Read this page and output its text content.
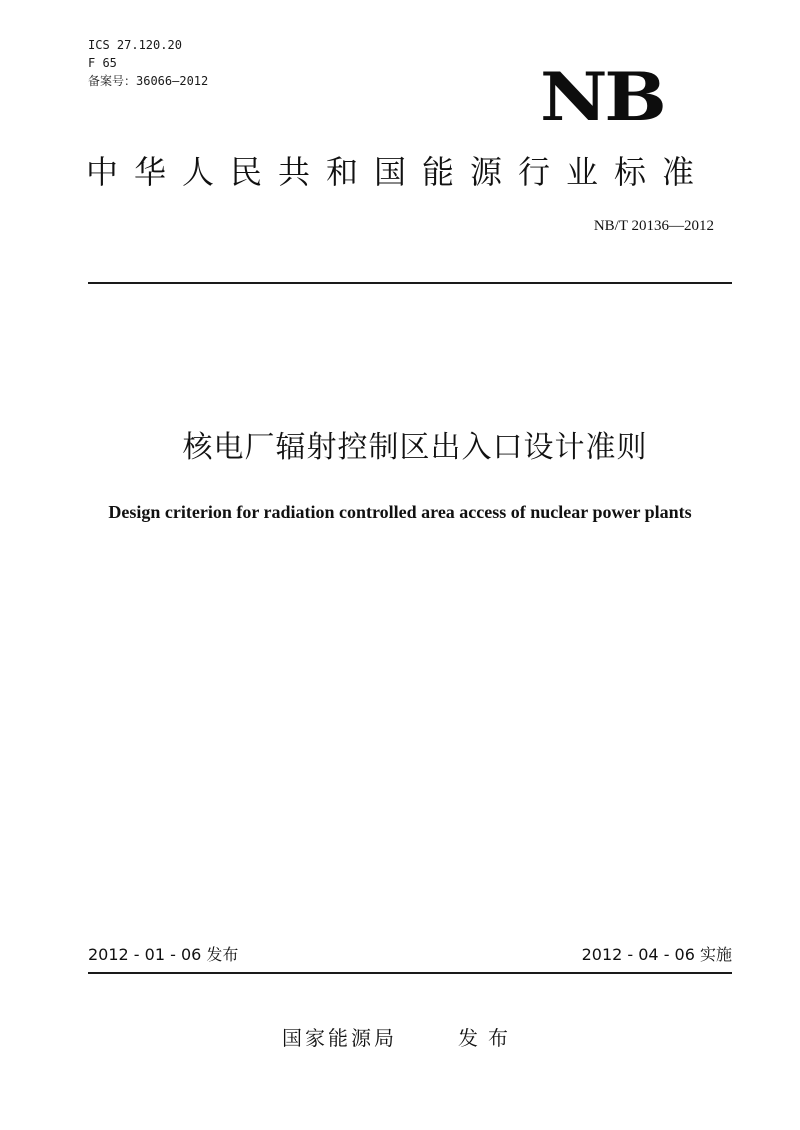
ICS 27.120.20
F 65
备案号：36066—2012	NB
中华人民共和国能源行业标准
NB/T 20136—2012
核电厂辐射控制区出入口设计准则
Design criterion for radiation controlled area access of nuclear power plants
2012 - 01 - 06 发布	2012 - 04 - 06 实施
国家能源局	发布
